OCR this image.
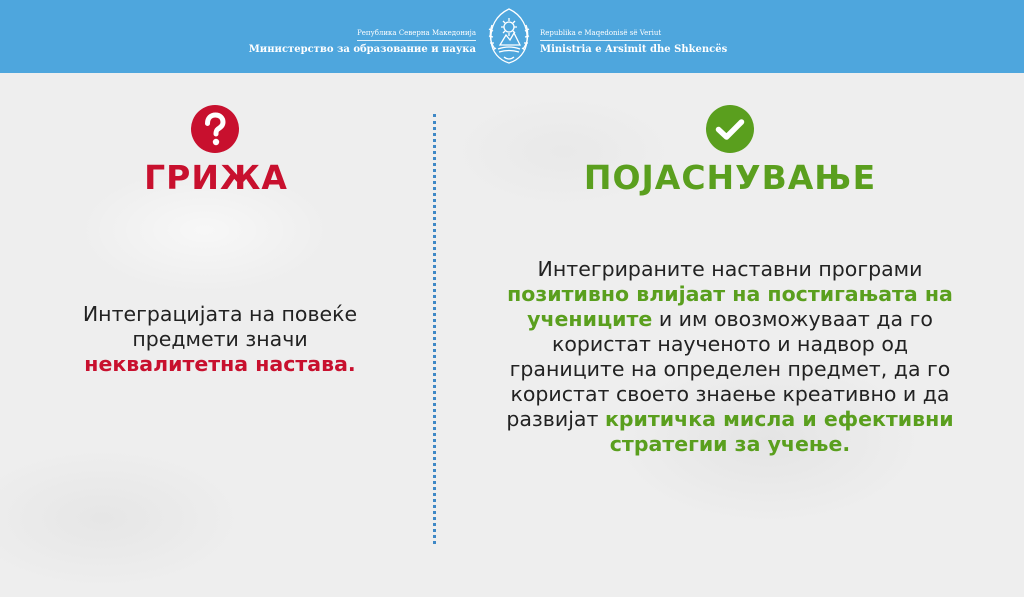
Република Северна Македонија
Министерство за образование и наука
Republika e Maqedonisë së Veriut
Ministria e Arsimit dhe Shkencës
ГРИЖА	ПОЈАСНУВАЊЕ
Интеграцијата на повеќе
предмети значи
неквалитетна настава.
Интегрираните наставни програми
позитивно влијаат на постигањата на
учениците и им овозможуваат да го
користат наученото и надвор од
границите на определен предмет, да го
користат своето знаење креативно и да
развијат критичка мисла и ефективни
стратегии за учење.
